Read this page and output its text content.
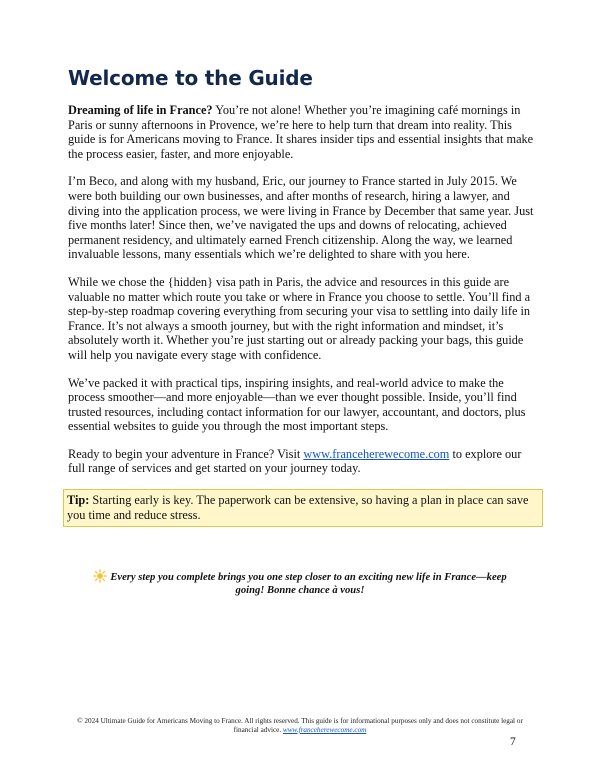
Welcome to the Guide

Dreaming of life in France? You’re not alone! Whether you’re imagining café mornings in Paris or sunny afternoons in Provence, we’re here to help turn that dream into reality. This guide is for Americans moving to France. It shares insider tips and essential insights that make the process easier, faster, and more enjoyable.

I’m Beco, and along with my husband, Eric, our journey to France started in July 2015. We were both building our own businesses, and after months of research, hiring a lawyer, and diving into the application process, we were living in France by December that same year. Just five months later! Since then, we’ve navigated the ups and downs of relocating, achieved permanent residency, and ultimately earned French citizenship. Along the way, we learned invaluable lessons, many essentials which we’re delighted to share with you here.

While we chose the {hidden} visa path in Paris, the advice and resources in this guide are valuable no matter which route you take or where in France you choose to settle. You’ll find a step-by-step roadmap covering everything from securing your visa to settling into daily life in France. It’s not always a smooth journey, but with the right information and mindset, it’s absolutely worth it. Whether you’re just starting out or already packing your bags, this guide will help you navigate every stage with confidence.

We’ve packed it with practical tips, inspiring insights, and real-world advice to make the process smoother—and more enjoyable—than we ever thought possible. Inside, you’ll find trusted resources, including contact information for our lawyer, accountant, and doctors, plus essential websites to guide you through the most important steps.

Ready to begin your adventure in France? Visit www.franceherewecome.com to explore our full range of services and get started on your journey today.

Tip: Starting early is key. The paperwork can be extensive, so having a plan in place can save you time and reduce stress.
Every step you complete brings you one step closer to an exciting new life in France—keep going! Bonne chance à vous!
© 2024 Ultimate Guide for Americans Moving to France. All rights reserved. This guide is for informational purposes only and does not constitute legal or financial advice. www.franceherewecome.com
7
